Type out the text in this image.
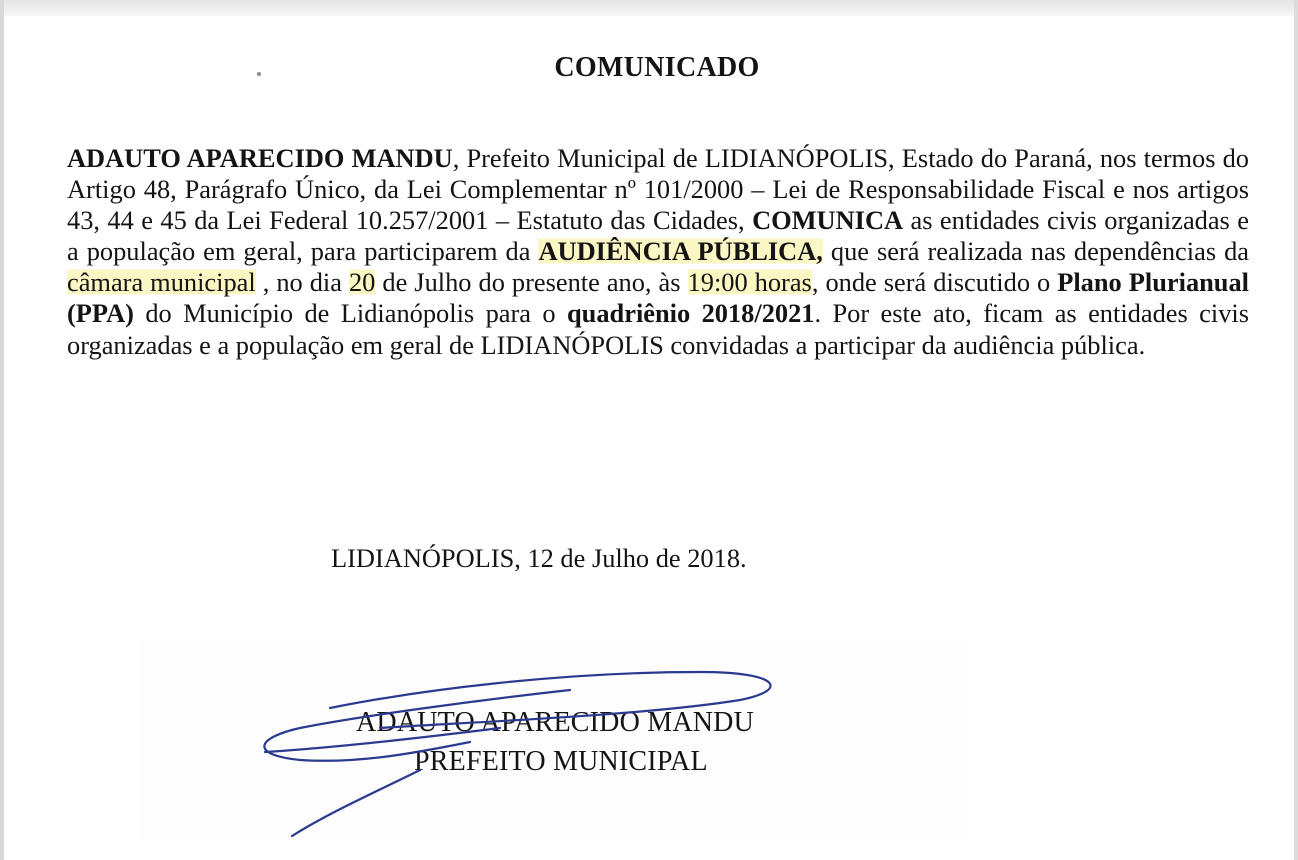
COMUNICADO

ADAUTO APARECIDO MANDU, Prefeito Municipal de LIDIANÓPOLIS, Estado do Paraná, nos termos do Artigo 48, Parágrafo Único, da Lei Complementar nº 101/2000 – Lei de Responsabilidade Fiscal e nos artigos 43, 44 e 45 da Lei Federal 10.257/2001 – Estatuto das Cidades, COMUNICA as entidades civis organizadas e a população em geral, para participarem da AUDIÊNCIA PÚBLICA, que será realizada nas dependências da câmara municipal , no dia 20 de Julho do presente ano, às 19:00 horas, onde será discutido o Plano Plurianual (PPA) do Município de Lidianópolis para o quadriênio 2018/2021. Por este ato, ficam as entidades civis organizadas e a população em geral de LIDIANÓPOLIS convidadas a participar da audiência pública.

LIDIANÓPOLIS, 12 de Julho de 2018.
ADAUTO APARECIDO MANDU
PREFEITO MUNICIPAL
